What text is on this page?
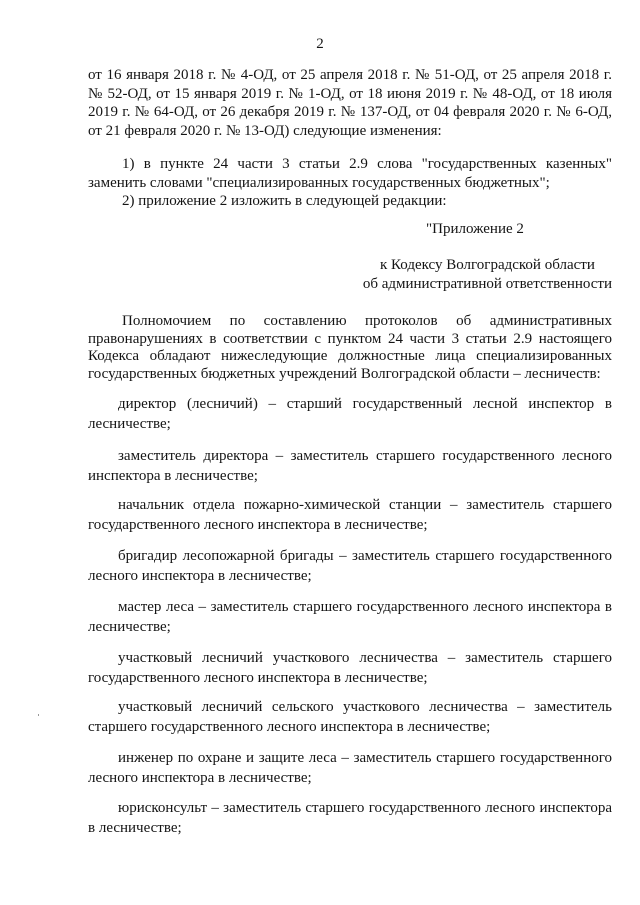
2
от 16 января 2018 г. № 4-ОД, от 25 апреля 2018 г. № 51-ОД, от 25 апреля 2018 г. № 52-ОД, от 15 января 2019 г. № 1-ОД, от 18 июня 2019 г. № 48-ОД, от 18 июля 2019 г. № 64-ОД, от 26 декабря 2019 г. № 137-ОД, от 04 февраля 2020 г. № 6-ОД, от 21 февраля 2020 г. № 13-ОД) следующие изменения:
1) в пункте 24 части 3 статьи 2.9 слова "государственных казенных" заменить словами "специализированных государственных бюджетных";
2) приложение 2 изложить в следующей редакции:
"Приложение 2
к Кодексу Волгоградской области
об административной ответственности
Полномочием по составлению протоколов об административных правонарушениях в соответствии с пунктом 24 части 3 статьи 2.9 настоящего Кодекса обладают нижеследующие должностные лица специализированных государственных бюджетных учреждений Волгоградской области – лесничеств:
директор (лесничий) – старший государственный лесной инспектор в лесничестве;
заместитель директора – заместитель старшего государственного лесного инспектора в лесничестве;
начальник отдела пожарно-химической станции – заместитель старшего государственного лесного инспектора в лесничестве;
бригадир лесопожарной бригады – заместитель старшего государственного лесного инспектора в лесничестве;
мастер леса – заместитель старшего государственного лесного инспектора в лесничестве;
участковый лесничий участкового лесничества – заместитель старшего государственного лесного инспектора в лесничестве;
участковый лесничий сельского участкового лесничества – заместитель старшего государственного лесного инспектора в лесничестве;
инженер по охране и защите леса – заместитель старшего государственного лесного инспектора в лесничестве;
юрисконсульт – заместитель старшего государственного лесного инспектора в лесничестве;
